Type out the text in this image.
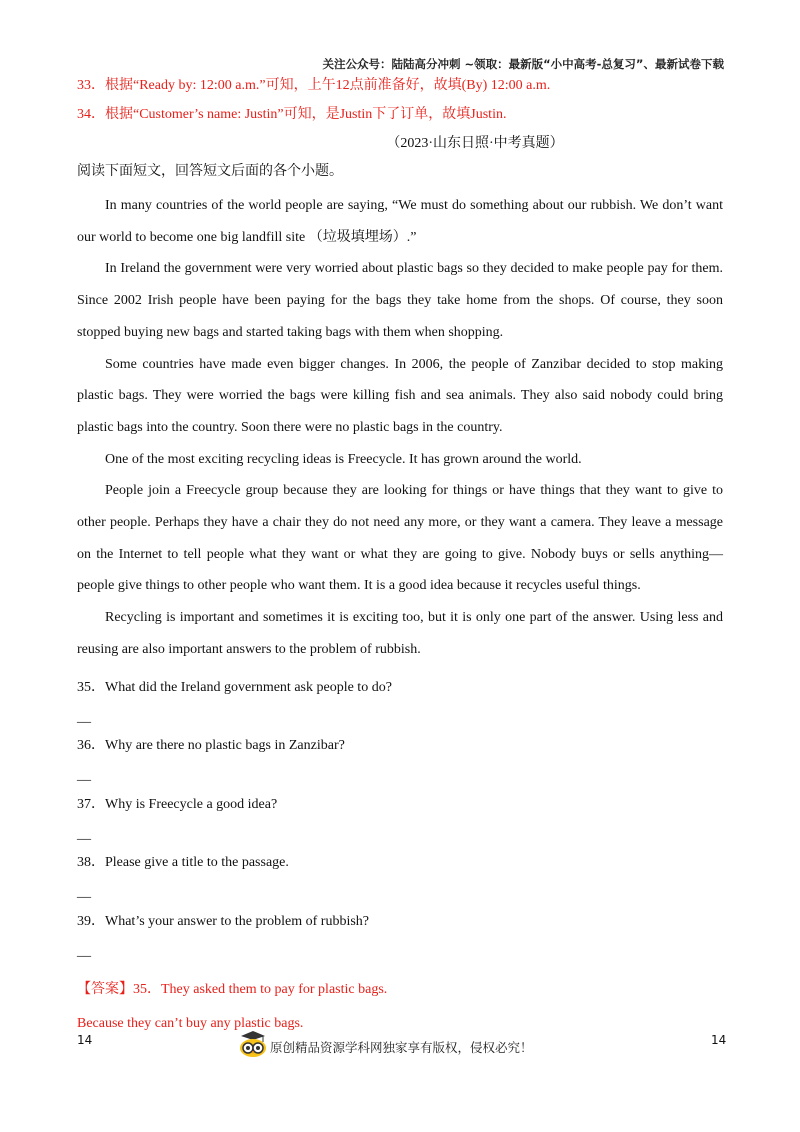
关注公众号：陆陆高分冲刺 ~领取：最新版“小中高考-总复习”、最新试卷下载

33．根据“Ready by: 12:00 a.m.”可知，上午12点前准备好，故填(By) 12:00 a.m.

34．根据“Customer’s name: Justin”可知，是Justin下了订单，故填Justin.

（2023·山东日照·中考真题）

阅读下面短文，回答短文后面的各个小题。

In many countries of the world people are saying, “We must do something about our rubbish. We don’t want our world to become one big landfill site （垃圾填埋场）.”

In Ireland the government were very worried about plastic bags so they decided to make people pay for them. Since 2002 Irish people have been paying for the bags they take home from the shops. Of course, they soon stopped buying new bags and started taking bags with them when shopping.

Some countries have made even bigger changes. In 2006, the people of Zanzibar decided to stop making plastic bags. They were worried the bags were killing fish and sea animals. They also said nobody could bring plastic bags into the country. Soon there were no plastic bags in the country.

One of the most exciting recycling ideas is Freecycle. It has grown around the world.

People join a Freecycle group because they are looking for things or have things that they want to give to other people. Perhaps they have a chair they do not need any more, or they want a camera. They leave a message on the Internet to tell people what they want or what they are going to give. Nobody buys or sells anything—people give things to other people who want them. It is a good idea because it recycles useful things.

Recycling is important and sometimes it is exciting too, but it is only one part of the answer. Using less and reusing are also important answers to the problem of rubbish.

35．What did the Ireland government ask people to do?

__

36．Why are there no plastic bags in Zanzibar?

__

37．Why is Freecycle a good idea?

__

38．Please give a title to the passage.

__

39．What’s your answer to the problem of rubbish?

__

【答案】35．They asked them to pay for plastic bags.

Because they can’t buy any plastic bags.

14	原创精品资源学科网独家享有版权，侵权必究！	14
